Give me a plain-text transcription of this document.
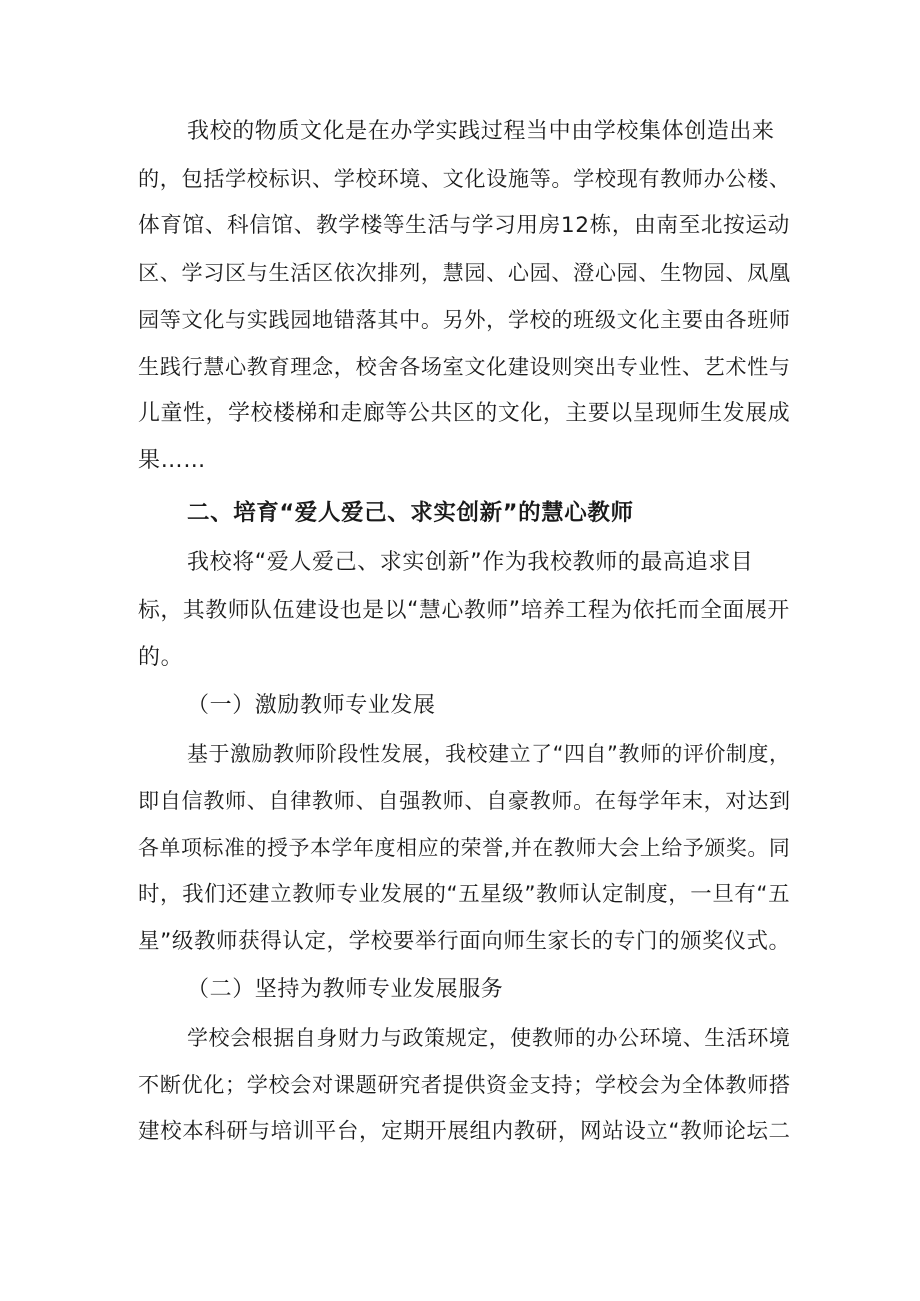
我校的物质文化是在办学实践过程当中由学校集体创造出来
的，包括学校标识、学校环境、文化设施等。学校现有教师办公楼、
体育馆、科信馆、教学楼等生活与学习用房12栋，由南至北按运动
区、学习区与生活区依次排列，慧园、心园、澄心园、生物园、凤凰
园等文化与实践园地错落其中。另外，学校的班级文化主要由各班师
生践行慧心教育理念，校舍各场室文化建设则突出专业性、艺术性与
儿童性，学校楼梯和走廊等公共区的文化，主要以呈现师生发展成
果……
二、培育“爱人爱己、求实创新”的慧心教师
我校将“爱人爱己、求实创新”作为我校教师的最高追求目
标，其教师队伍建设也是以“慧心教师”培养工程为依托而全面展开
的。
（一）激励教师专业发展
基于激励教师阶段性发展，我校建立了“四自”教师的评价制度，
即自信教师、自律教师、自强教师、自豪教师。在每学年末，对达到
各单项标准的授予本学年度相应的荣誉,并在教师大会上给予颁奖。同
时，我们还建立教师专业发展的“五星级”教师认定制度，一旦有“五
星”级教师获得认定，学校要举行面向师生家长的专门的颁奖仪式。
（二）坚持为教师专业发展服务
学校会根据自身财力与政策规定，使教师的办公环境、生活环境
不断优化；学校会对课题研究者提供资金支持；学校会为全体教师搭
建校本科研与培训平台，定期开展组内教研，网站设立“教师论坛二
